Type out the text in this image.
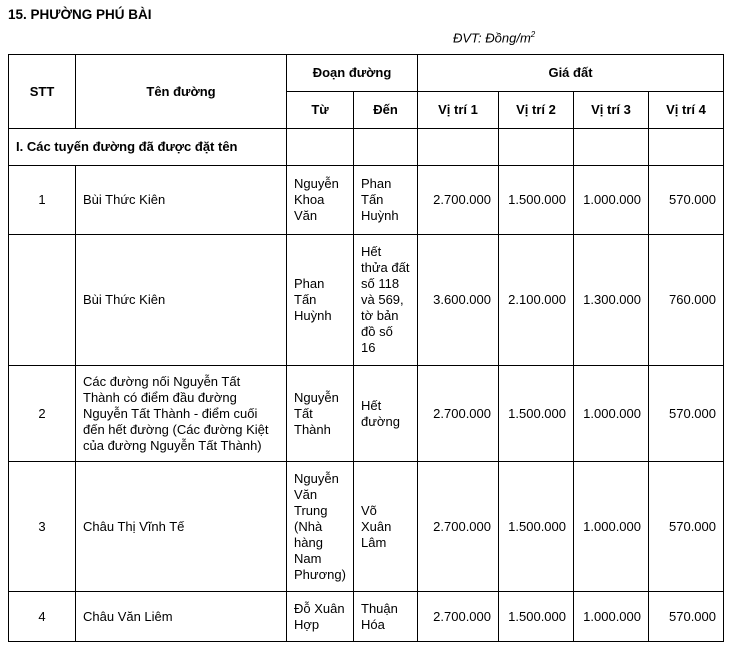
15. PHƯỜNG PHÚ BÀI
ĐVT: Đồng/$m^2$
STT	Tên đường	Đoạn đường		Giá đất			
		Từ	Đến	Vị trí 1	Vị trí 2	Vị trí 3	Vị trí 4
I. Các tuyến đường đã được đặt tên							
1	Bùi Thức Kiên	Nguyễn Khoa Văn	Phan Tấn Huỳnh	2.700.000	1.500.000	1.000.000	570.000
	Bùi Thức Kiên	Phan Tấn Huỳnh	Hết thửa đất số 118 và 569, tờ bản đồ số 16	3.600.000	2.100.000	1.300.000	760.000
2	Các đường nối Nguyễn Tất Thành có điểm đầu đường Nguyễn Tất Thành - điểm cuối đến hết đường (Các đường Kiệt của đường Nguyễn Tất Thành)	Nguyễn Tất Thành	Hết đường	2.700.000	1.500.000	1.000.000	570.000
3	Châu Thị Vĩnh Tế	Nguyễn Văn Trung (Nhà hàng Nam Phương)	Võ Xuân Lâm	2.700.000	1.500.000	1.000.000	570.000
4	Châu Văn Liêm	Đỗ Xuân Hợp	Thuận Hóa	2.700.000	1.500.000	1.000.000	570.000
